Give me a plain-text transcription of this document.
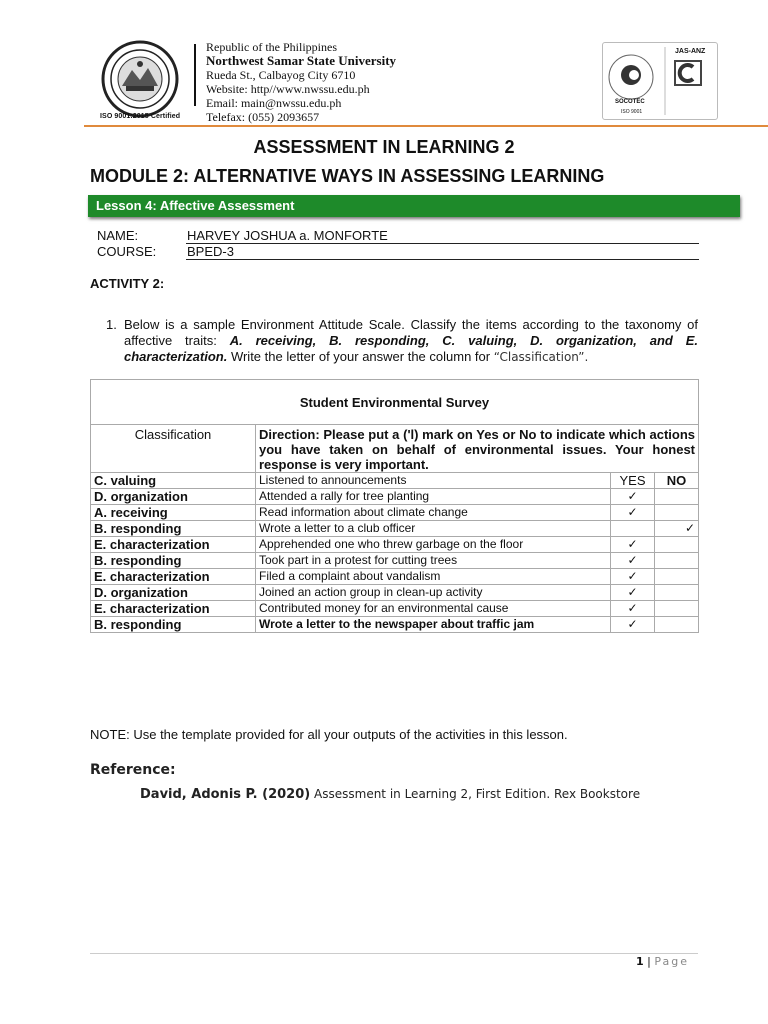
ISO 9001:2015 Certified
Republic of the Philippines
Northwest Samar State University
Rueda St., Calbayog City 6710
Website: http//www.nwssu.edu.ph
Email: main@nwssu.edu.ph
Telefax: (055) 2093657
SOCOTEC
ISO 9001
JAS-ANZ
ASSESSMENT IN LEARNING 2
MODULE 2: ALTERNATIVE WAYS IN ASSESSING LEARNING
Lesson 4: Affective Assessment
NAME:	HARVEY JOSHUA a. MONFORTE
COURSE: BPED-3
ACTIVITY 2:
1. Below is a sample Environment Attitude Scale. Classify the items according to the taxonomy of affective traits: A. receiving, B. responding, C. valuing, D. organization, and E. characterization. Write the letter of your answer the column for “Classification”.
Student Environmental Survey			
Classification	Direction: Please put a ('l) mark on Yes or No to indicate which actions you have taken on behalf of environmental issues. Your honest response is very important.		
C. valuing	Listened to announcements	YES	NO
D. organization	Attended a rally for tree planting	✓	
A. receiving	Read information about climate change	✓	
B. responding	Wrote a letter to a club officer		✓
E. characterization	Apprehended one who threw garbage on the floor	✓	
B. responding	Took part in a protest for cutting trees	✓	
E. characterization	Filed a complaint about vandalism	✓	
D. organization	Joined an action group in clean-up activity	✓	
E. characterization	Contributed money for an environmental cause	✓	
B. responding	Wrote a letter to the newspaper about traffic jam	✓	
NOTE: Use the template provided for all your outputs of the activities in this lesson.
Reference:
David, Adonis P. (2020) Assessment in Learning 2, First Edition. Rex Bookstore
1 | Page
